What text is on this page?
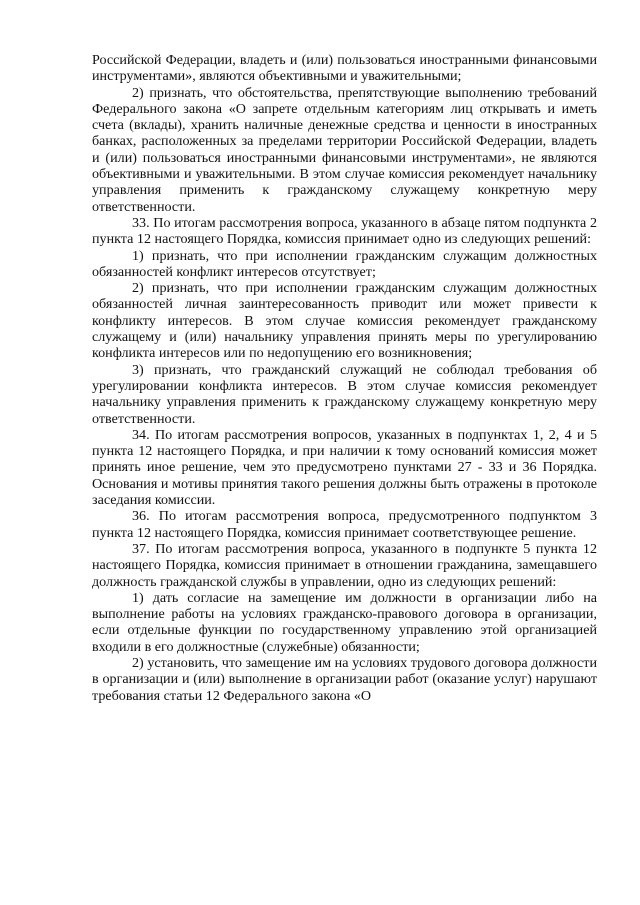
Российской Федерации, владеть и (или) пользоваться иностранными финансовыми инструментами», являются объективными и уважительными;

2) признать, что обстоятельства, препятствующие выполнению требований Федерального закона «О запрете отдельным категориям лиц открывать и иметь счета (вклады), хранить наличные денежные средства и ценности в иностранных банках, расположенных за пределами территории Российской Федерации, владеть и (или) пользоваться иностранными финансовыми инструментами», не являются объективными и уважительными. В этом случае комиссия рекомендует начальнику управления применить к гражданскому служащему конкретную меру ответственности.

33. По итогам рассмотрения вопроса, указанного в абзаце пятом подпункта 2 пункта 12 настоящего Порядка, комиссия принимает одно из следующих решений:

1) признать, что при исполнении гражданским служащим должностных обязанностей конфликт интересов отсутствует;

2) признать, что при исполнении гражданским служащим должностных обязанностей личная заинтересованность приводит или может привести к конфликту интересов. В этом случае комиссия рекомендует гражданскому служащему и (или) начальнику управления принять меры по урегулированию конфликта интересов или по недопущению его возникновения;

3) признать, что гражданский служащий не соблюдал требования об урегулировании конфликта интересов. В этом случае комиссия рекомендует начальнику управления применить к гражданскому служащему конкретную меру ответственности.

34. По итогам рассмотрения вопросов, указанных в подпунктах 1, 2, 4 и 5 пункта 12 настоящего Порядка, и при наличии к тому оснований комиссия может принять иное решение, чем это предусмотрено пунктами 27 - 33 и 36 Порядка. Основания и мотивы принятия такого решения должны быть отражены в протоколе заседания комиссии.

36. По итогам рассмотрения вопроса, предусмотренного подпунктом 3 пункта 12 настоящего Порядка, комиссия принимает соответствующее решение.

37. По итогам рассмотрения вопроса, указанного в подпункте 5 пункта 12 настоящего Порядка, комиссия принимает в отношении гражданина, замещавшего должность гражданской службы в управлении, одно из следующих решений:

1) дать согласие на замещение им должности в организации либо на выполнение работы на условиях гражданско-правового договора в организации, если отдельные функции по государственному управлению этой организацией входили в его должностные (служебные) обязанности;

2) установить, что замещение им на условиях трудового договора должности в организации и (или) выполнение в организации работ (оказание услуг) нарушают требования статьи 12 Федерального закона «О
